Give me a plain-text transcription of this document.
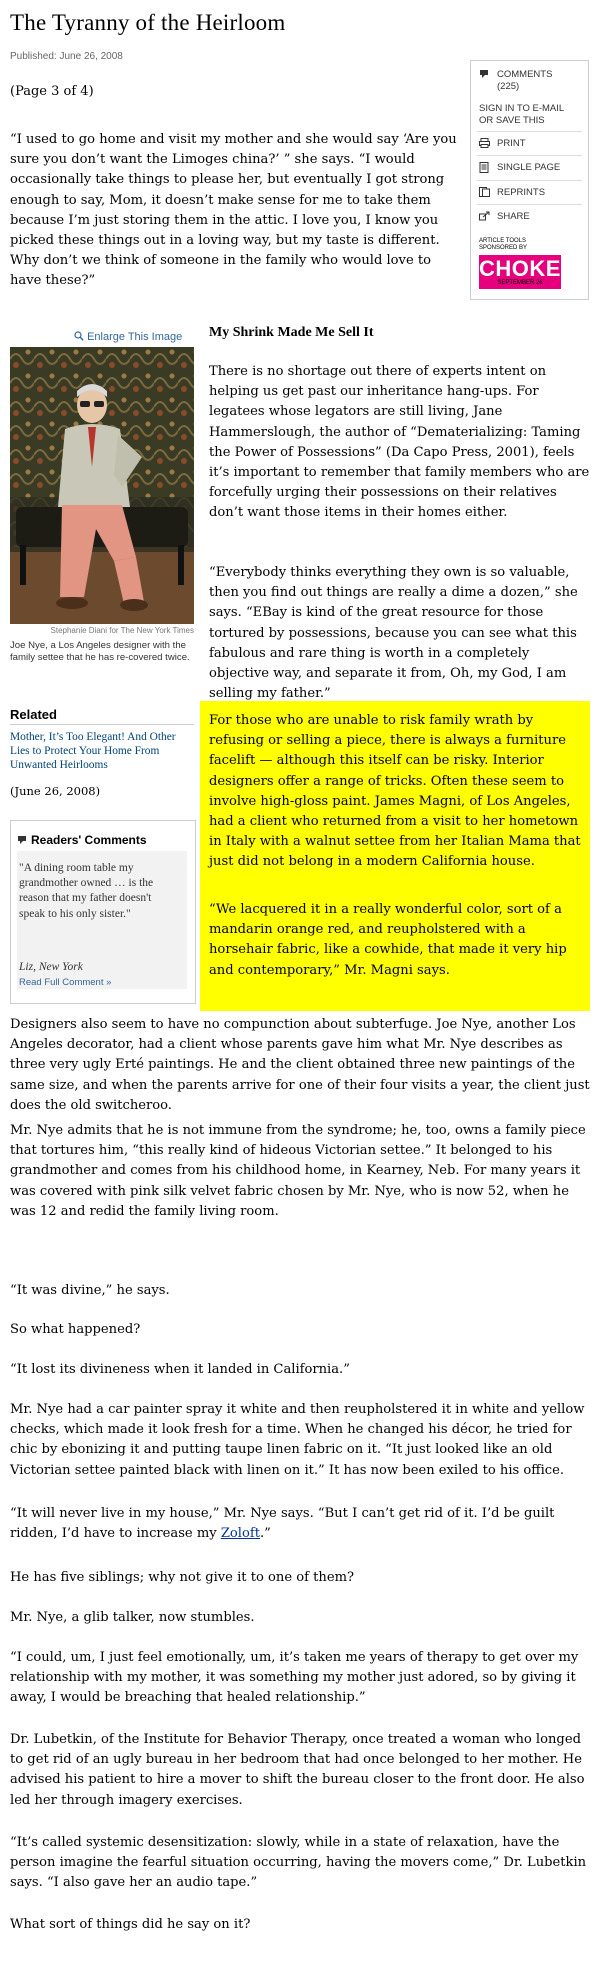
The Tyranny of the Heirloom
Published: June 26, 2008
(Page 3 of 4)

“I used to go home and visit my mother and she would say ‘Are you sure you don’t want the Limoges china?’ ” she says. “I would occasionally take things to please her, but eventually I got strong enough to say, Mom, it doesn’t make sense for me to take them because I’m just storing them in the attic. I love you, I know you picked these things out in a loving way, but my taste is different. Why don’t we think of someone in the family who would love to have these?”

COMMENTS
(225)
SIGN IN TO E-MAIL OR SAVE THIS
PRINT
SINGLE PAGE
REPRINTS
SHARE
ARTICLE TOOLS
SPONSORED BY
CHOKE
SEPTEMBER 26
Enlarge This Image
Stephanie Diani for The New York Times
Joe Nye, a Los Angeles designer with the family settee that he has re-covered twice.
Related
Mother, It’s Too Elegant! And Other Lies to Protect Your Home From Unwanted Heirlooms
(June 26, 2008)
Readers' Comments
"A dining room table my grandmother owned … is the reason that my father doesn't speak to his only sister."
Liz, New York
Read Full Comment »
My Shrink Made Me Sell It

There is no shortage out there of experts intent on helping us get past our inheritance hang-ups. For legatees whose legators are still living, Jane Hammerslough, the author of “Dematerializing: Taming the Power of Possessions” (Da Capo Press, 2001), feels it’s important to remember that family members who are forcefully urging their possessions on their relatives don’t want those items in their homes either.

“Everybody thinks everything they own is so valuable, then you find out things are really a dime a dozen,” she says. “EBay is kind of the great resource for those tortured by possessions, because you can see what this fabulous and rare thing is worth in a completely objective way, and separate it from, Oh, my God, I am selling my father.”

For those who are unable to risk family wrath by refusing or selling a piece, there is always a furniture facelift — although this itself can be risky. Interior designers offer a range of tricks. Often these seem to involve high-gloss paint. James Magni, of Los Angeles, had a client who returned from a visit to her hometown in Italy with a walnut settee from her Italian Mama that just did not belong in a modern California house.

“We lacquered it in a really wonderful color, sort of a mandarin orange red, and reupholstered with a horsehair fabric, like a cowhide, that made it very hip and contemporary,” Mr. Magni says.

Designers also seem to have no compunction about subterfuge. Joe Nye, another Los Angeles decorator, had a client whose parents gave him what Mr. Nye describes as three very ugly Erté paintings. He and the client obtained three new paintings of the same size, and when the parents arrive for one of their four visits a year, the client just does the old switcheroo.

Mr. Nye admits that he is not immune from the syndrome; he, too, owns a family piece that tortures him, “this really kind of hideous Victorian settee.” It belonged to his grandmother and comes from his childhood home, in Kearney, Neb. For many years it was covered with pink silk velvet fabric chosen by Mr. Nye, who is now 52, when he was 12 and redid the family living room.

“It was divine,” he says.

So what happened?

“It lost its divineness when it landed in California.”

Mr. Nye had a car painter spray it white and then reupholstered it in white and yellow checks, which made it look fresh for a time. When he changed his décor, he tried for chic by ebonizing it and putting taupe linen fabric on it. “It just looked like an old Victorian settee painted black with linen on it.” It has now been exiled to his office.

“It will never live in my house,” Mr. Nye says. “But I can’t get rid of it. I’d be guilt ridden, I’d have to increase my Zoloft.”

He has five siblings; why not give it to one of them?

Mr. Nye, a glib talker, now stumbles.

“I could, um, I just feel emotionally, um, it’s taken me years of therapy to get over my relationship with my mother, it was something my mother just adored, so by giving it away, I would be breaching that healed relationship.”

Dr. Lubetkin, of the Institute for Behavior Therapy, once treated a woman who longed to get rid of an ugly bureau in her bedroom that had once belonged to her mother. He advised his patient to hire a mover to shift the bureau closer to the front door. He also led her through imagery exercises.

“It’s called systemic desensitization: slowly, while in a state of relaxation, have the person imagine the fearful situation occurring, having the movers come,” Dr. Lubetkin says. “I also gave her an audio tape.”

What sort of things did he say on it?
